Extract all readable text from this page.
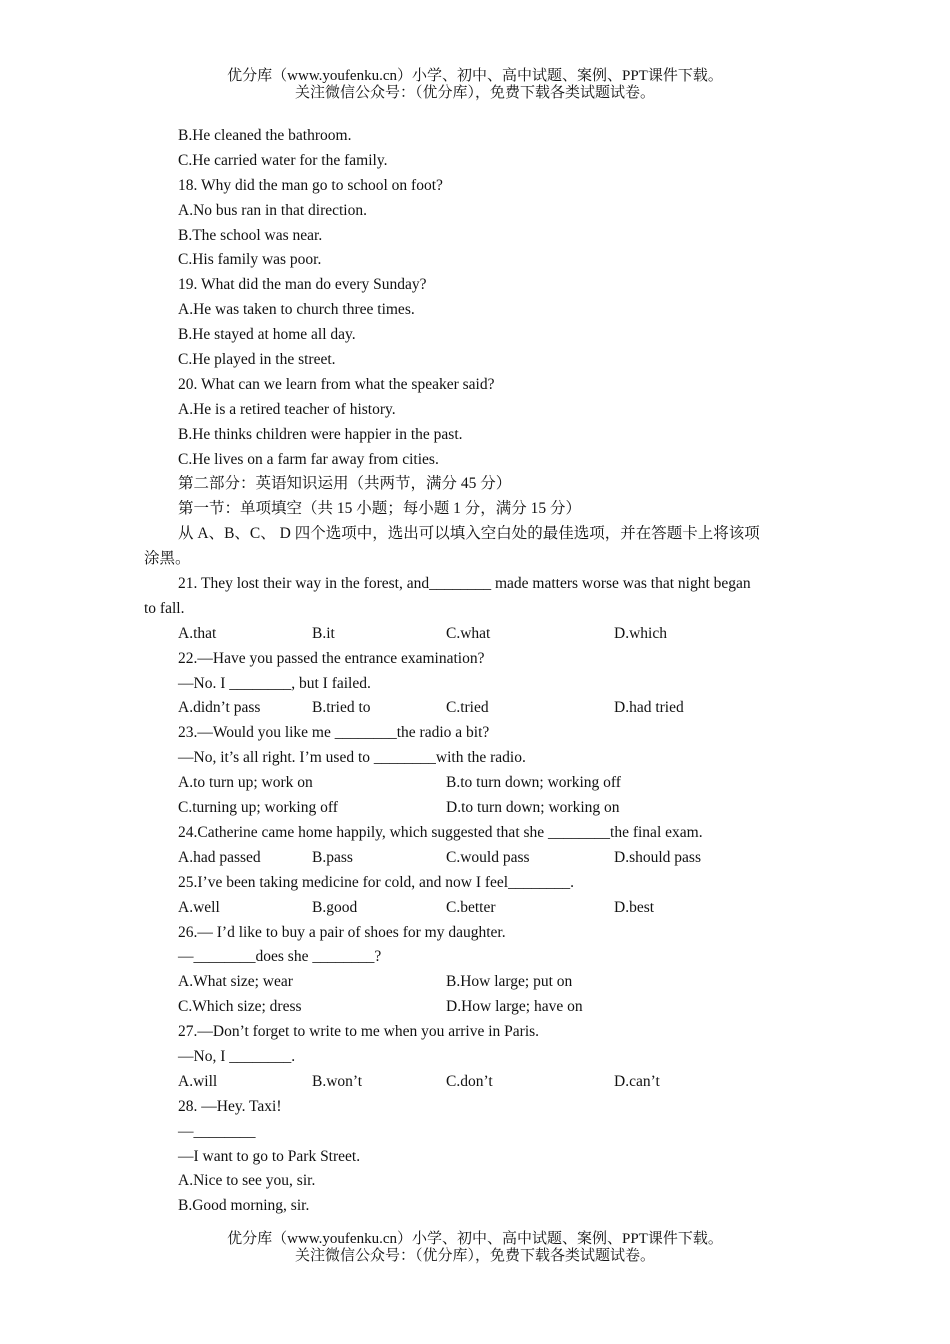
优分库（www.youfenku.cn）小学、初中、高中试题、案例、PPT课件下载。
关注微信公众号：（优分库），免费下载各类试题试卷。
B.He cleaned the bathroom.
C.He carried water for the family.
18. Why did the man go to school on foot?
A.No bus ran in that direction.
B.The school was near.
C.His family was poor.
19. What did the man do every Sunday?
A.He was taken to church three times.
B.He stayed at home all day.
C.He played in the street.
20. What can we learn from what the speaker said?
A.He is a retired teacher of history.
B.He thinks children were happier in the past.
C.He lives on a farm far away from cities.
第二部分：英语知识运用（共两节，满分 45 分）
第一节：单项填空（共 15 小题；每小题 1 分，满分 15 分）
从 A、B、C、 D 四个选项中，选出可以填入空白处的最佳选项，并在答题卡上将该项
涂黑。
21. They lost their way in the forest, and________ made matters worse was that night began
to fall.
A.that	B.it	C.what	D.which
22.—Have you passed the entrance examination?
—No. I ________, but I failed.
A.didn’t pass	B.tried to	C.tried	D.had tried
23.—Would you like me ________the radio a bit?
—No, it’s all right. I’m used to ________with the radio.
A.to turn up; work on	B.to turn down; working off
C.turning up; working off	D.to turn down; working on
24.Catherine came home happily, which suggested that she ________the final exam.
A.had passed	B.pass	C.would pass	D.should pass
25.I’ve been taking medicine for cold, and now I feel________.
A.well	B.good	C.better	D.best
26.— I’d like to buy a pair of shoes for my daughter.
—________does she ________?
A.What size; wear	B.How large; put on
C.Which size; dress	D.How large; have on
27.—Don’t forget to write to me when you arrive in Paris.
—No, I ________.
A.will	B.won’t	C.don’t	D.can’t
28. —Hey. Taxi!
—________
—I want to go to Park Street.
A.Nice to see you, sir.
B.Good morning, sir.
优分库（www.youfenku.cn）小学、初中、高中试题、案例、PPT课件下载。
关注微信公众号：（优分库），免费下载各类试题试卷。
